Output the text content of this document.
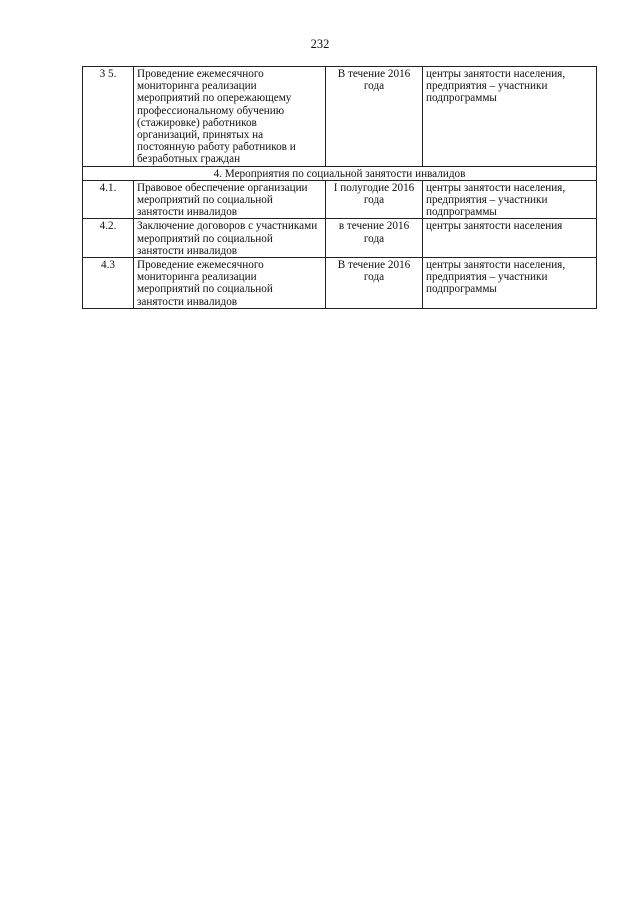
232
3 5.	Проведение ежемесячного мониторинга реализации мероприятий по опережающему профессиональному обучению (стажировке) работников организаций, принятых на постоянную работу работников и безработных граждан	В течение 2016 года	центры занятости населения, предприятия – участники подпрограммы
4. Мероприятия по социальной занятости инвалидов			
4.1.	Правовое обеспечение организации мероприятий по социальной занятости инвалидов	I полугодие 2016 года	центры занятости населения, предприятия – участники подпрограммы
4.2.	Заключение договоров с участниками мероприятий по социальной занятости инвалидов	в течение 2016 года	центры занятости населения
4.3	Проведение ежемесячного мониторинга реализации мероприятий по социальной занятости инвалидов	В течение 2016 года	центры занятости населения, предприятия – участники подпрограммы
